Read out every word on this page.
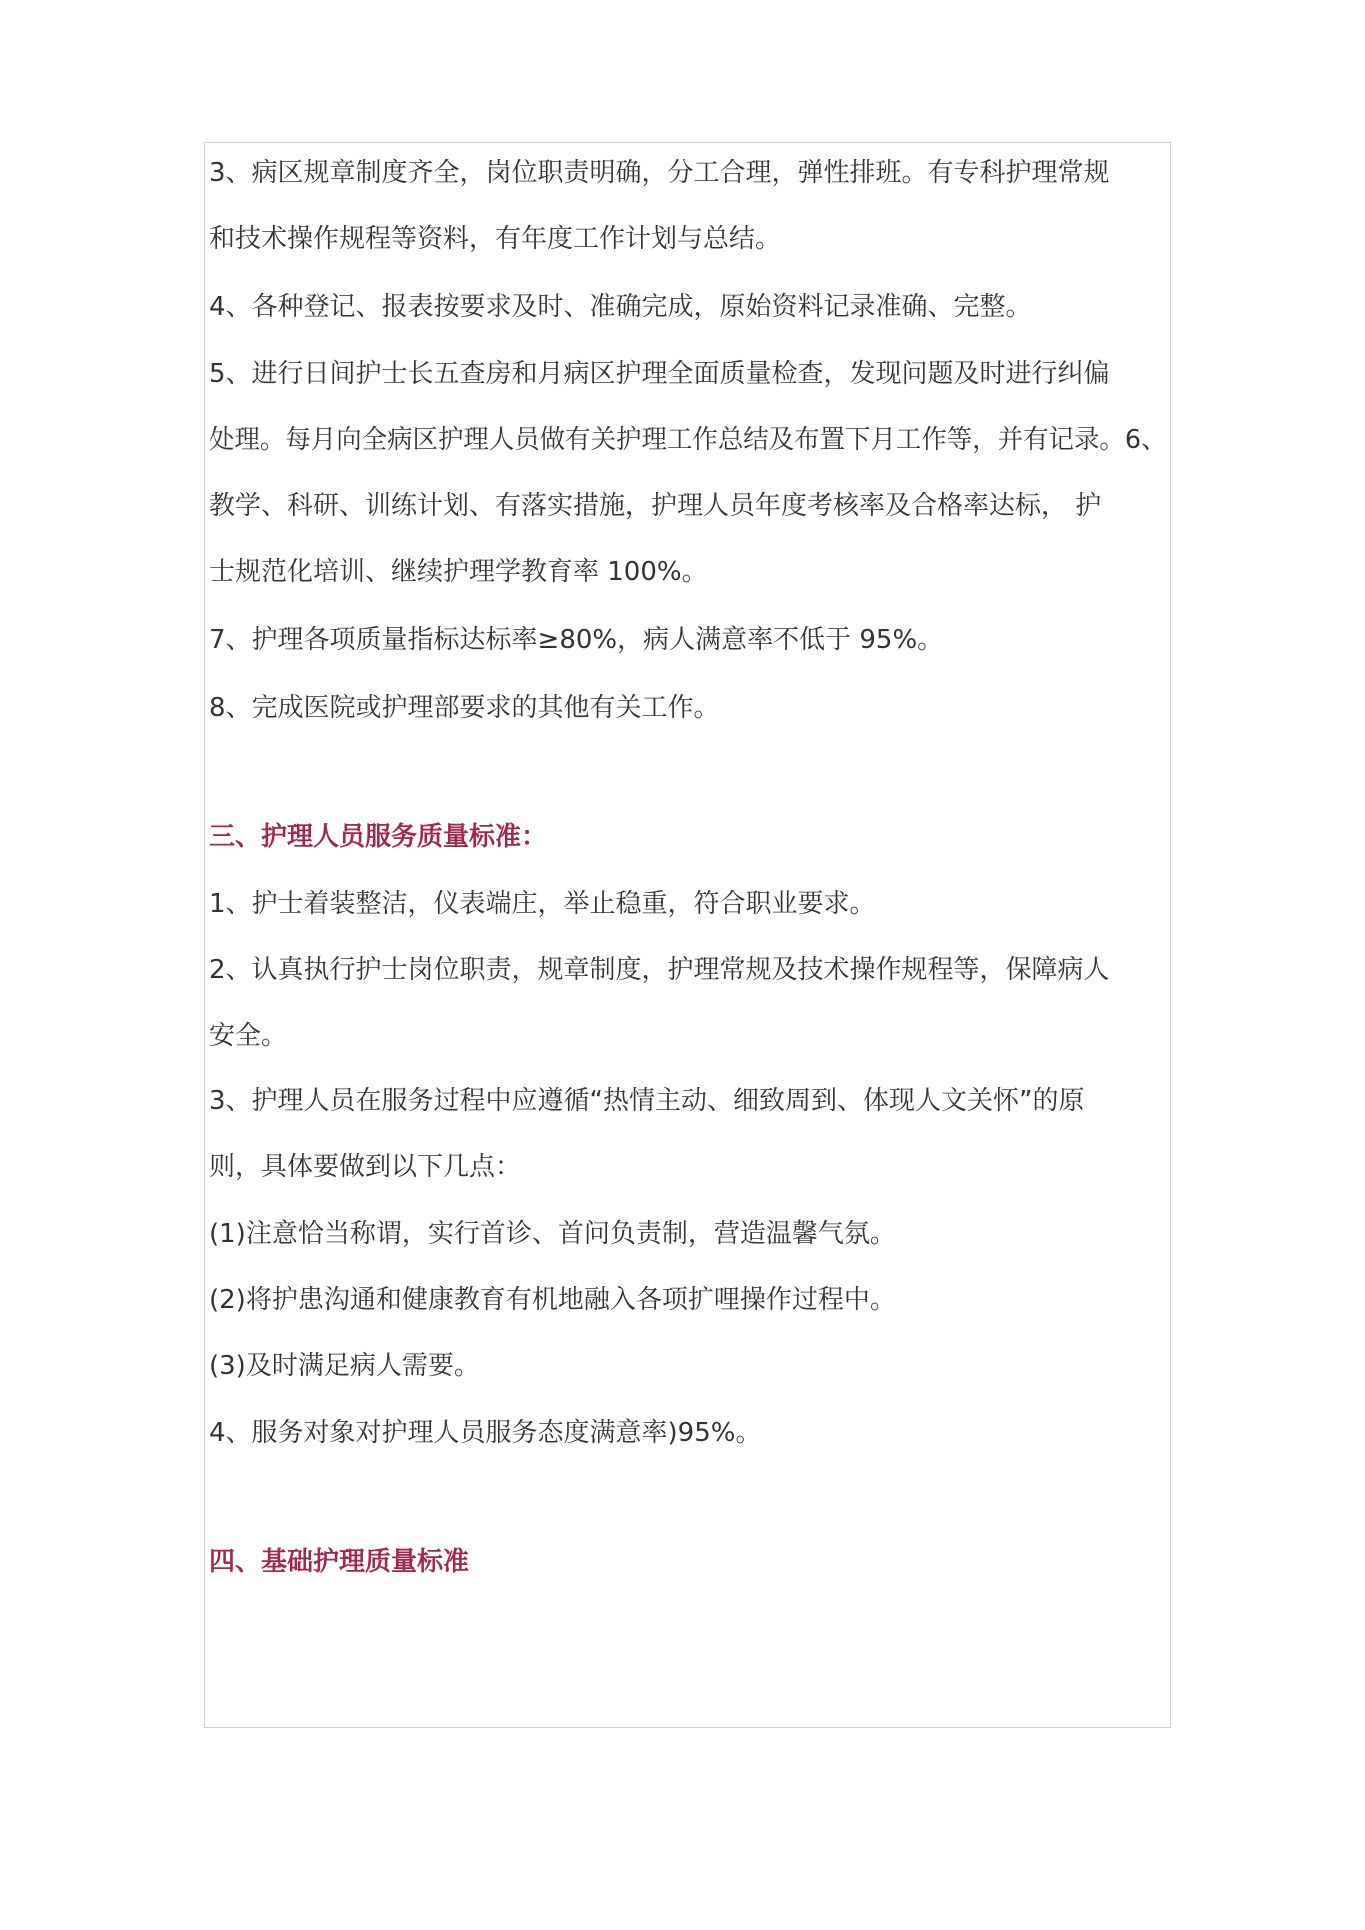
3、病区规章制度齐全，岗位职责明确，分工合理，弹性排班。有专科护理常规
和技术操作规程等资料，有年度工作计划与总结。
4、各种登记、报表按要求及时、准确完成，原始资料记录准确、完整。
5、进行日间护士长五查房和月病区护理全面质量检查，发现问题及时进行纠偏
处理。每月向全病区护理人员做有关护理工作总结及布置下月工作等，并有记录。6、
教学、科研、训练计划、有落实措施，护理人员年度考核率及合格率达标， 护
士规范化培训、继续护理学教育率 100%。
7、护理各项质量指标达标率≥80%，病人满意率不低于 95%。
8、完成医院或护理部要求的其他有关工作。
三、护理人员服务质量标准：
1、护士着装整洁，仪表端庄，举止稳重，符合职业要求。
2、认真执行护士岗位职责，规章制度，护理常规及技术操作规程等，保障病人
安全。
3、护理人员在服务过程中应遵循“热情主动、细致周到、体现人文关怀”的原
则，具体要做到以下几点：
(1)注意恰当称谓，实行首诊、首问负责制，营造温馨气氛。
(2)将护患沟通和健康教育有机地融入各项扩哩操作过程中。
(3)及时满足病人需要。
4、服务对象对护理人员服务态度满意率)95%。
四、基础护理质量标准
